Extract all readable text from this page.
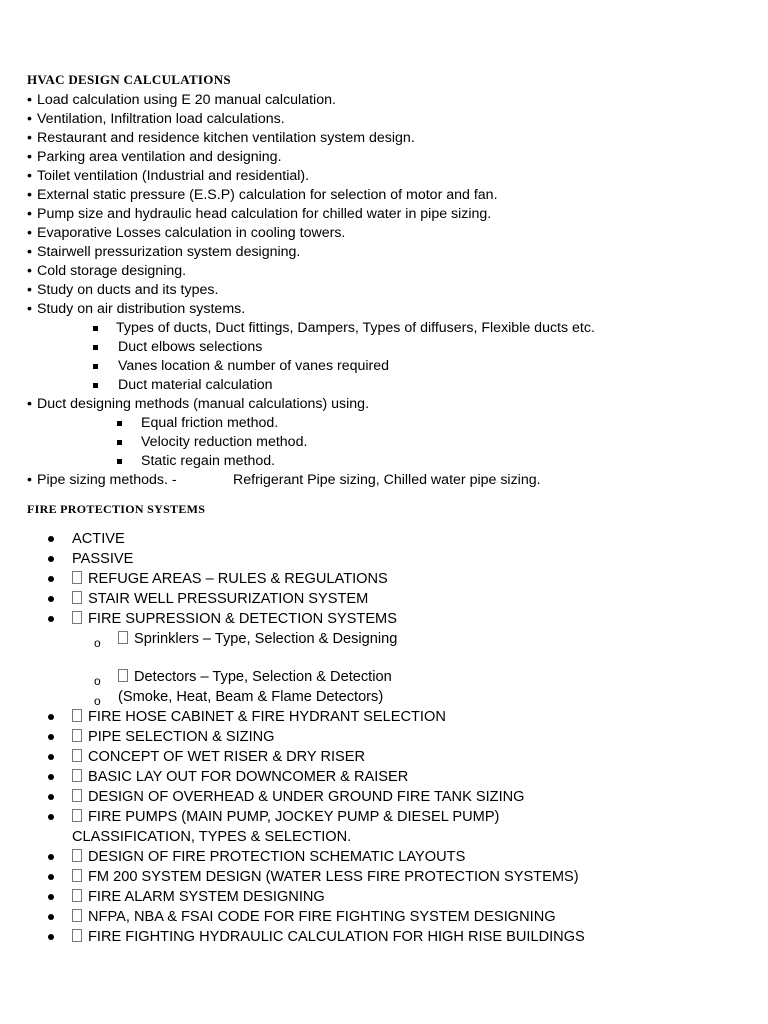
HVAC DESIGN CALCULATIONS
• Load calculation using E 20 manual calculation.
• Ventilation, Infiltration load calculations.
• Restaurant and residence kitchen ventilation system design.
• Parking area ventilation and designing.
• Toilet ventilation (Industrial and residential).
• External static pressure (E.S.P) calculation for selection of motor and fan.
• Pump size and hydraulic head calculation for chilled water in pipe sizing.
• Evaporative Losses calculation in cooling towers.
• Stairwell pressurization system designing.
• Cold storage designing.
• Study on ducts and its types.
• Study on air distribution systems.
Types of ducts, Duct fittings, Dampers, Types of diffusers, Flexible ducts etc.
Duct elbows selections
Vanes location & number of vanes required
Duct material calculation
• Duct designing methods (manual calculations) using.
Equal friction method.
Velocity reduction method.
Static regain method.
• Pipe sizing methods. -	Refrigerant Pipe sizing, Chilled water pipe sizing.
FIRE PROTECTION SYSTEMS
ACTIVE
PASSIVE
REFUGE AREAS – RULES & REGULATIONS
STAIR WELL PRESSURIZATION SYSTEM
FIRE SUPRESSION & DETECTION SYSTEMS
o	Sprinklers – Type, Selection & Designing
o	Detectors – Type, Selection & Detection
o (Smoke, Heat, Beam & Flame Detectors)
FIRE HOSE CABINET & FIRE HYDRANT SELECTION
PIPE SELECTION & SIZING
CONCEPT OF WET RISER & DRY RISER
BASIC LAY OUT FOR DOWNCOMER & RAISER
DESIGN OF OVERHEAD & UNDER GROUND FIRE TANK SIZING
FIRE PUMPS (MAIN PUMP, JOCKEY PUMP & DIESEL PUMP)
CLASSIFICATION, TYPES & SELECTION.
DESIGN OF FIRE PROTECTION SCHEMATIC LAYOUTS
FM 200 SYSTEM DESIGN (WATER LESS FIRE PROTECTION SYSTEMS)
FIRE ALARM SYSTEM DESIGNING
NFPA, NBA & FSAI CODE FOR FIRE FIGHTING SYSTEM DESIGNING
FIRE FIGHTING HYDRAULIC CALCULATION FOR HIGH RISE BUILDINGS
